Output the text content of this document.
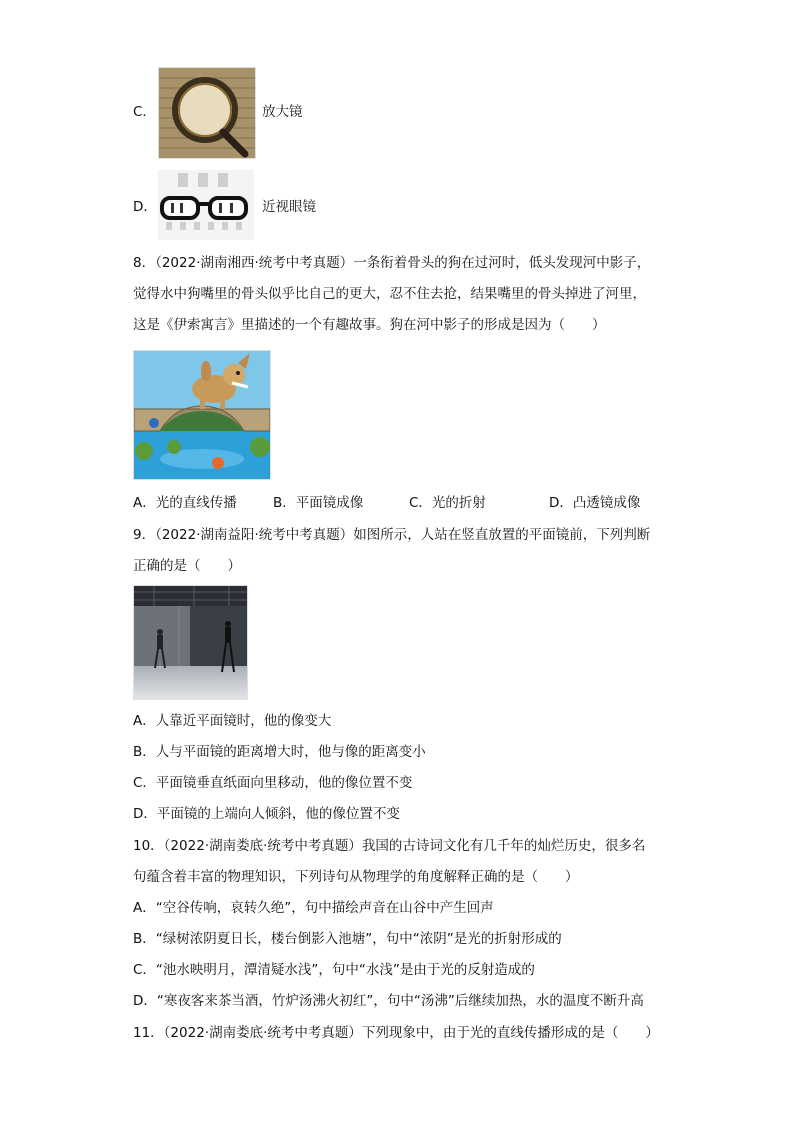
C．	放大镜
D．	近视眼镜
8．（2022·湖南湘西·统考中考真题）一条衔着骨头的狗在过河时，低头发现河中影子，
觉得水中狗嘴里的骨头似乎比自己的更大，忍不住去抢，结果嘴里的骨头掉进了河里，
这是《伊索寓言》里描述的一个有趣故事。狗在河中影子的形成是因为（　　）
A．光的直线传播	B．平面镜成像	C．光的折射	D．凸透镜成像
9．（2022·湖南益阳·统考中考真题）如图所示，人站在竖直放置的平面镜前，下列判断
正确的是（　　）
A．人靠近平面镜时，他的像变大
B．人与平面镜的距离增大时，他与像的距离变小
C．平面镜垂直纸面向里移动，他的像位置不变
D．平面镜的上端向人倾斜，他的像位置不变
10．（2022·湖南娄底·统考中考真题）我国的古诗词文化有几千年的灿烂历史，很多名
句蕴含着丰富的物理知识，下列诗句从物理学的角度解释正确的是（　　）
A．“空谷传响，哀转久绝”，句中描绘声音在山谷中产生回声
B．“绿树浓阴夏日长，楼台倒影入池塘”，句中“浓阴”是光的折射形成的
C．“池水映明月，潭清疑水浅”，句中“水浅”是由于光的反射造成的
D．“寒夜客来茶当酒，竹炉汤沸火初红”，句中“汤沸”后继续加热，水的温度不断升高
11．（2022·湖南娄底·统考中考真题）下列现象中，由于光的直线传播形成的是（　　）
